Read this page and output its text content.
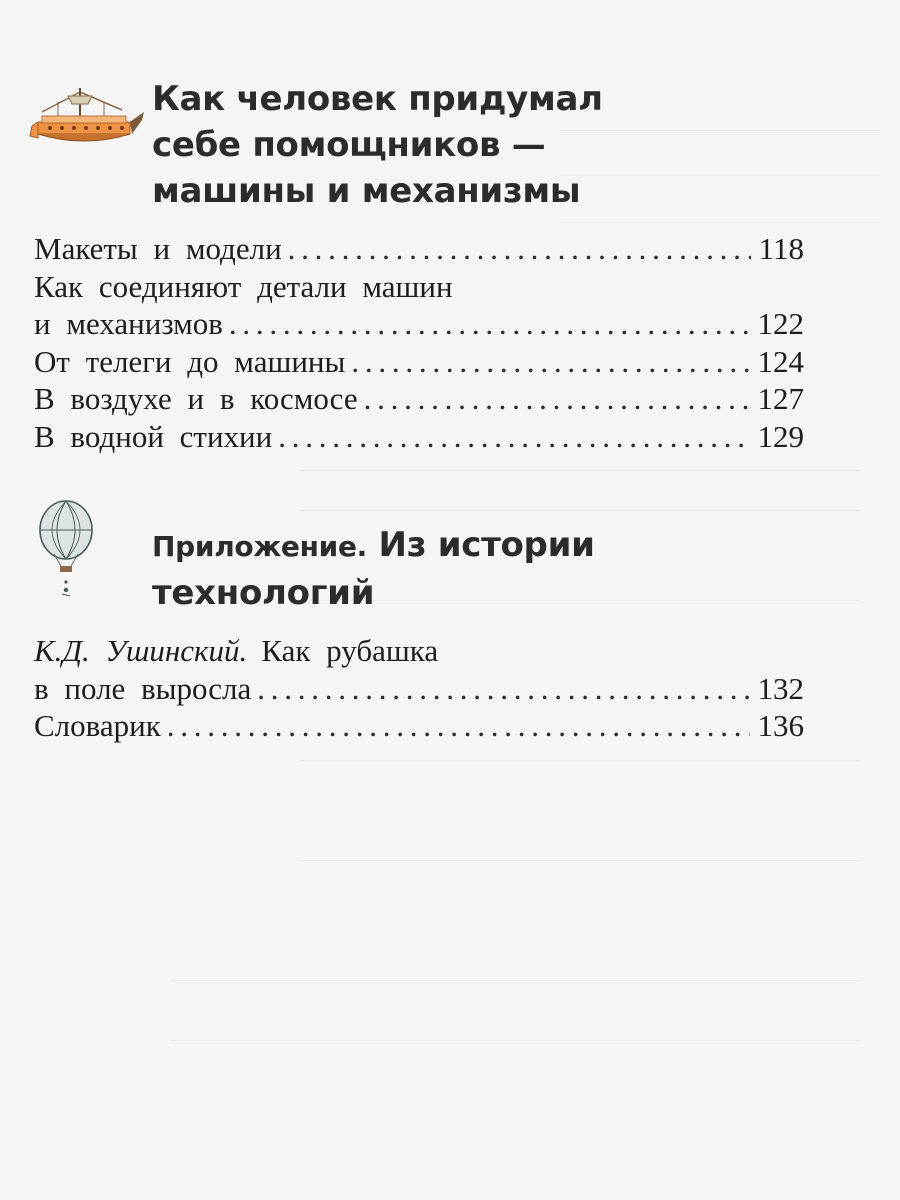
Как человек придумал
себе помощников —
машины и механизмы
Макеты и модели . . .	118
Как соединяют детали машин
и механизмов . . .	122
От телеги до машины . . .	124
В воздухе и в космосе . . .	127
В водной стихии . . .	129
Приложение. Из истории
технологий
К.Д. Ушинский. Как рубашка
в поле выросла . . .	132
Словарик . . .	136
